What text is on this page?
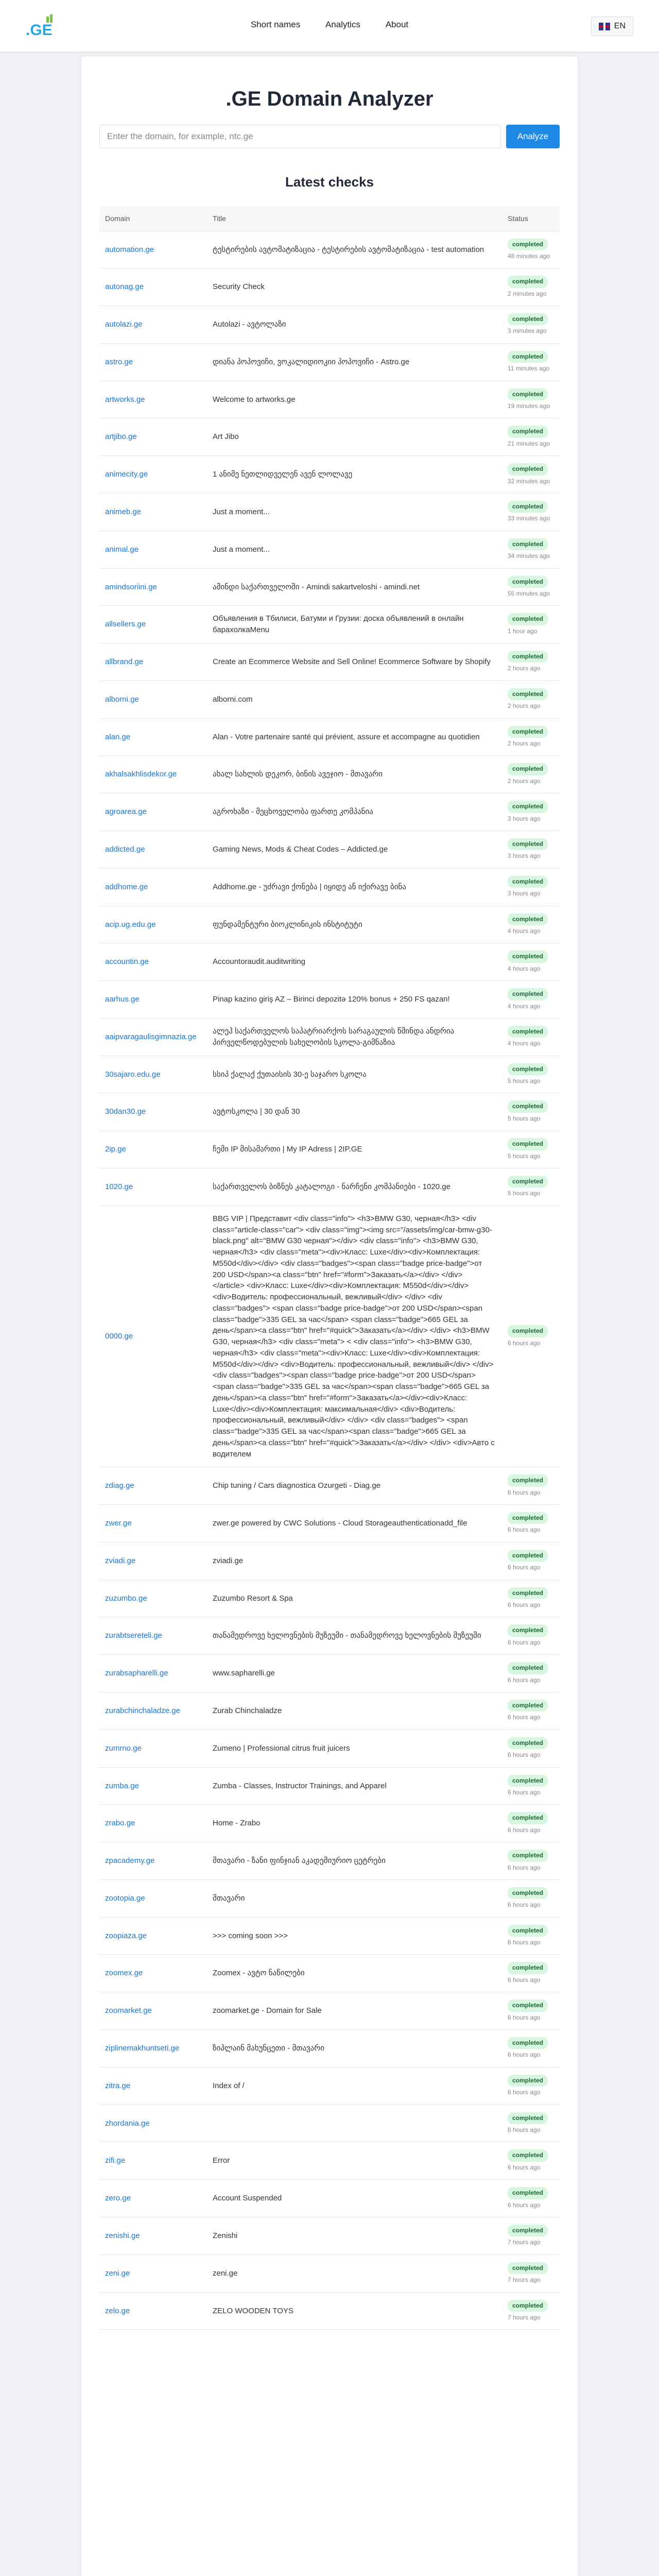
.GE	Short names	Analytics	About	EN
.GE Domain Analyzer
Enter the domain, for example, ntc.ge
Analyze
Latest checks
Domain	Title	Status
automation.ge	ტესტირების ავტომატიზაცია - ტესტირების ავტომატიზაცია - test automation	completed
48 minutes ago

autonag.ge	Security Check	completed
2 minutes ago

autolazi.ge	Autolazi - ავტოლაზი	completed
3 minutes ago

astro.ge	დიანა პოპოვიჩი, ვოკალიდიოკიი პოპოვიჩი - Astro.ge	completed
11 minutes ago

artworks.ge	Welcome to artworks.ge	completed
19 minutes ago

artjibo.ge	Art Jibo	completed
21 minutes ago

animecity.ge	1 ანიმე ნეთლიდველენ ავენ ლოლავე	completed
32 minutes ago

animeb.ge	Just a moment...	completed
33 minutes ago

animal.ge	Just a moment...	completed
34 minutes ago

amindsoriini.ge	ამინდი საქართველოში - Amindi sakartveloshi - amindi.net	completed
55 minutes ago

allsellers.ge	Объявления в Тбилиси, Батуми и Грузии: доска объявлений в онлайн барахолкаMenu	completed
1 hour ago

allbrand.ge	Create an Ecommerce Website and Sell Online! Ecommerce Software by Shopify	completed
2 hours ago

alborni.ge	alborni.com	completed
2 hours ago

alan.ge	Alan - Votre partenaire santé qui prévient, assure et accompagne au quotidien	completed
2 hours ago

akhalsakhlisdekor.ge	ახალ სახლის დეკორ, ბინის ავეჯიო - მთავარი	completed
2 hours ago

agroarea.ge	აგროხაზი - მეცხოველობა ფართე კომპანია	completed
3 hours ago

addicted.ge	Gaming News, Mods & Cheat Codes – Addicted.ge	completed
3 hours ago

addhome.ge	Addhome.ge - უძრავი ქონება | იყიდე ან იქირავე ბინა	completed
3 hours ago

acip.ug.edu.ge	ფუნდამენტური ბიოკლინიკის ინსტიტუტი	completed
4 hours ago

accountin.ge	Accountoraudit.auditwriting	completed
4 hours ago

aarhus.ge	Pinap kazino giriş AZ – Birinci depozitə 120% bonus + 250 FS qazan!	completed
4 hours ago

aaipvaragaulisgimnazia.ge	ალეჰ საქართველოს საპატრიარქოს სარაგაულის წმინდა ანდრია პირველწოდებულის სახელობის სკოლა-გიმნაზია	completed
4 hours ago

30sajaro.edu.ge	სსიპ ქალაქ ქუთაისის 30-ე საჯარო სკოლა	completed
5 hours ago

30dan30.ge	ავტოსკოლა | 30 დან 30	completed
5 hours ago

2ip.ge	ჩემი IP მისამართი | My IP Adress | 2IP.GE	completed
5 hours ago

1020.ge	საქართველოს ბიზნეს კატალოგი - ნარჩენი კომპანიები - 1020.ge	completed
5 hours ago

0000.ge	BBG VIP | Представит <div class="info"> <h3>BMW G30, черная</h3> <div class="article-class="car"> <div class="img"><img src="/assets/img/car-bmw-g30-black.png" alt="BMW G30 черная"></div> <div class="info"> <h3>BMW G30, черная</h3> <div class="meta"><div>Класс: Luxe</div><div>Комплектация: M550d</div></div> <div class="badges"><span class="badge price-badge">от 200 USD</span><a class="btn" href="#form">Заказать</a></div> </div> </article> <div>Класс: Luxe</div><div>Комплектация: M550d</div></div> <div>Водитель: профессиональный, вежливый</div> </div> <div class="badges"> <span class="badge price-badge">от 200 USD</span><span class="badge">335 GEL за час</span> <span class="badge">665 GEL за день</span><a class="btn" href="#quick">Заказать</a></div> </div> <h3>BMW G30, черная</h3> <div class="meta"> < <div class="info"> <h3>BMW G30, черная</h3> <div class="meta"><div>Класс: Luxe</div><div>Комплектация: M550d</div></div> <div>Водитель: профессиональный, вежливый</div> </div> <div class="badges"><span class="badge price-badge">от 200 USD</span><span class="badge">335 GEL за час</span><span class="badge">665 GEL за день</span><a class="btn" href="#form">Заказать</a></div><div>Класс: Luxe</div><div>Комплектация: максимальная</div> <div>Водитель: профессиональный, вежливый</div> </div> <div class="badges"> <span class="badge">335 GEL за час</span><span class="badge">665 GEL за день</span><a class="btn" href="#quick">Заказать</a></div> </div> <div>Авто с водителем	completed
6 hours ago

zdiag.ge	Chip tuning / Cars diagnostica Ozurgeti - Diag.ge	completed
6 hours ago

zwer.ge	zwer.ge powered by CWC Solutions - Cloud Storageauthenticationadd_file	completed
6 hours ago

zviadi.ge	zviadi.ge	completed
6 hours ago

zuzumbo.ge	Zuzumbo Resort & Spa	completed
6 hours ago

zurabtsereteli.ge	თანამედროვე ხელოვნების მუზეუმი - თანამედროვე ხელოვნების მუზეუმი	completed
6 hours ago

zurabsapharelli.ge	www.sapharelli.ge	completed
6 hours ago

zurabchinchaladze.ge	Zurab Chinchaladze	completed
6 hours ago

zumrno.ge	Zumeno | Professional citrus fruit juicers	completed
6 hours ago

zumba.ge	Zumba - Classes, Instructor Trainings, and Apparel	completed
6 hours ago

zrabo.ge	Home - Zrabo	completed
6 hours ago

zpacademy.ge	მთავარი - ზანი ფინჯიან აკადემიურიო ცეტრები	completed
6 hours ago

zootopia.ge	მთავარი	completed
6 hours ago

zoopiaza.ge	>>> coming soon >>>	completed
6 hours ago

zoomex.ge	Zoomex - ავტო ნაწილები	completed
6 hours ago

zoomarket.ge	zoomarket.ge - Domain for Sale	completed
6 hours ago

ziplinemakhuntseti.ge	ზიპლაინ მახუნცეთი - მთავარი	completed
6 hours ago

zitra.ge	Index of /	completed
6 hours ago

zhordania.ge		completed
6 hours ago

zifi.ge	Error	completed
6 hours ago

zero.ge	Account Suspended	completed
6 hours ago

zenishi.ge	Zenishi	completed
7 hours ago

zeni.ge	zeni.ge	completed
7 hours ago

zelo.ge	ZELO WOODEN TOYS	completed
7 hours ago
